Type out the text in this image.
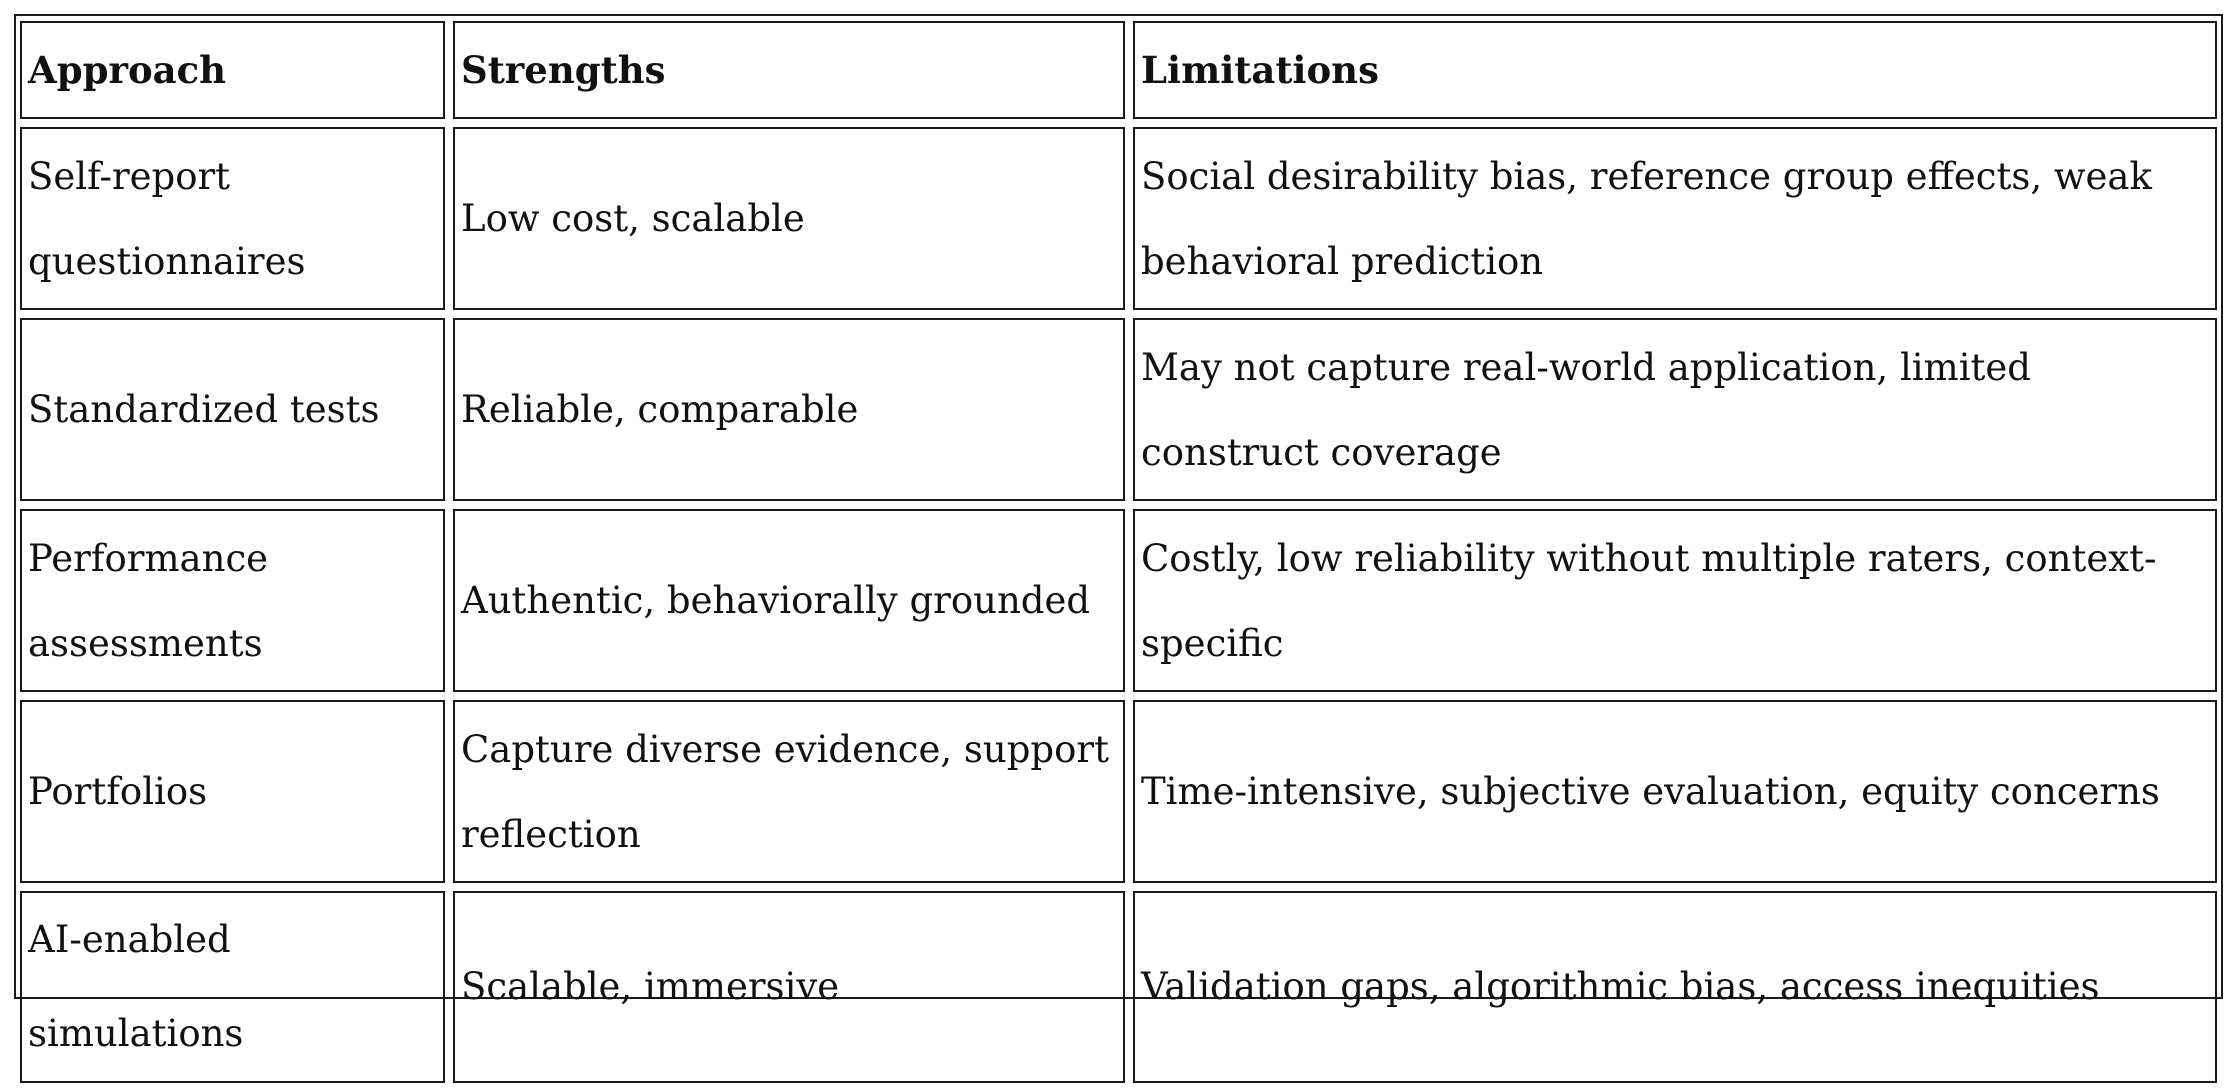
Approach	Strengths	Limitations
Self-report questionnaires	Low cost, scalable	Social desirability bias, reference group effects, weak behavioral prediction
Standardized tests	Reliable, comparable	May not capture real-world application, limited construct coverage
Performance assessments	Authentic, behaviorally grounded	Costly, low reliability without multiple raters, context-specific
Portfolios	Capture diverse evidence, support reflection	Time-intensive, subjective evaluation, equity concerns
AI-enabled simulations	Scalable, immersive	Validation gaps, algorithmic bias, access inequities
